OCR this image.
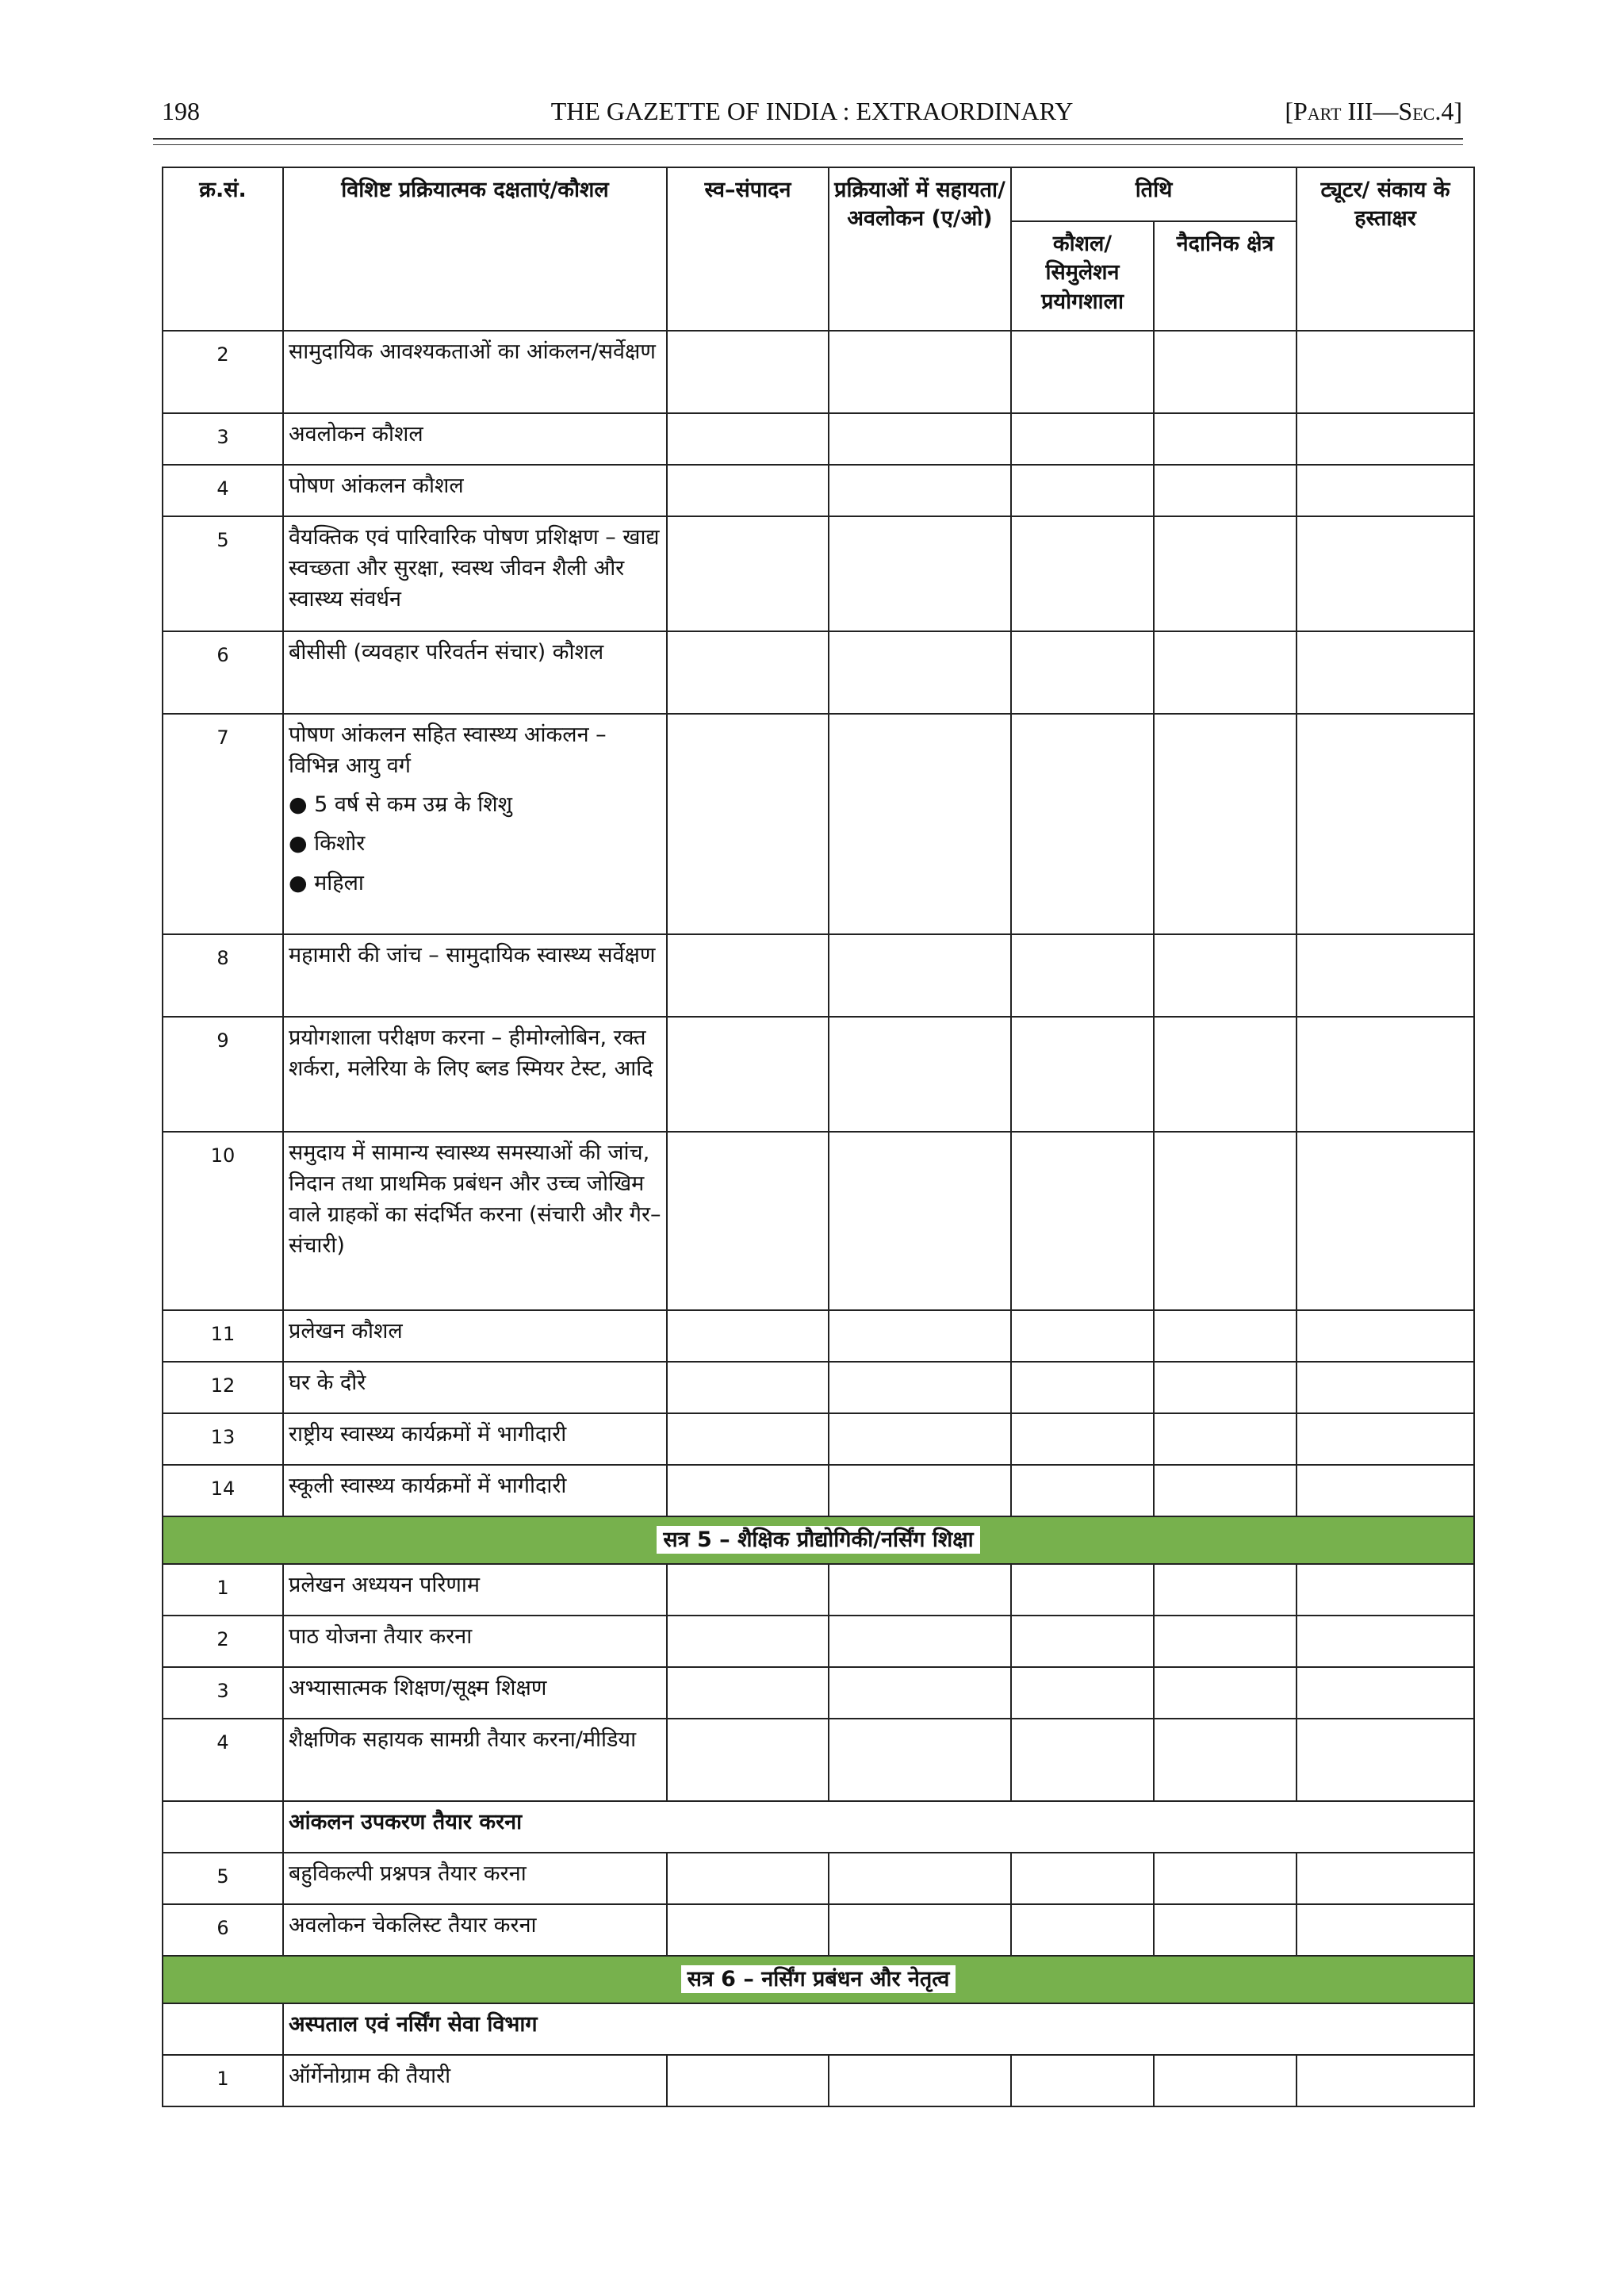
198	THE GAZETTE OF INDIA : EXTRAORDINARY	[Part III—Sec.4]
क्र.सं.	विशिष्ट प्रक्रियात्मक दक्षताएं/कौशल	स्व–संपादन	प्रक्रियाओं में सहायता/ अवलोकन (ए/ओ)	तिथि		ट्यूटर/ संकाय के हस्ताक्षर
				कौशल/ सिमुलेशन प्रयोगशाला	नैदानिक क्षेत्र	
2	सामुदायिक आवश्यकताओं का आंकलन/सर्वेक्षण					
3	अवलोकन कौशल					
4	पोषण आंकलन कौशल					
5	वैयक्तिक एवं पारिवारिक पोषण प्रशिक्षण – खाद्य स्वच्छता और सुरक्षा, स्वस्थ जीवन शैली और स्वास्थ्य संवर्धन					
6	बीसीसी (व्यवहार परिवर्तन संचार) कौशल					
7	पोषण आंकलन सहित स्वास्थ्य आंकलन – विभिन्न आयु वर्ग
● 5 वर्ष से कम उम्र के शिशु
● किशोर
● महिला					

8	महामारी की जांच – सामुदायिक स्वास्थ्य सर्वेक्षण					
9	प्रयोगशाला परीक्षण करना – हीमोग्लोबिन, रक्त शर्करा, मलेरिया के लिए ब्लड स्मियर टेस्ट, आदि					
10	समुदाय में सामान्य स्वास्थ्य समस्याओं की जांच, निदान तथा प्राथमिक प्रबंधन और उच्च जोखिम वाले ग्राहकों का संदर्भित करना (संचारी और गैर–संचारी)					
11	प्रलेखन कौशल					
12	घर के दौरे					
13	राष्ट्रीय स्वास्थ्य कार्यक्रमों में भागीदारी					
14	स्कूली स्वास्थ्य कार्यक्रमों में भागीदारी					
सत्र 5 – शैक्षिक प्रौद्योगिकी/नर्सिंग शिक्षा						
1	प्रलेखन अध्ययन परिणाम					
2	पाठ योजना तैयार करना					
3	अभ्यासात्मक शिक्षण/सूक्ष्म शिक्षण					
4	शैक्षणिक सहायक सामग्री तैयार करना/मीडिया					
	आंकलन उपकरण तैयार करना					
5	बहुविकल्पी प्रश्नपत्र तैयार करना					
6	अवलोकन चेकलिस्ट तैयार करना					
सत्र 6 – नर्सिंग प्रबंधन और नेतृत्व						
	अस्पताल एवं नर्सिंग सेवा विभाग					
1	ऑर्गेनोग्राम की तैयारी					
